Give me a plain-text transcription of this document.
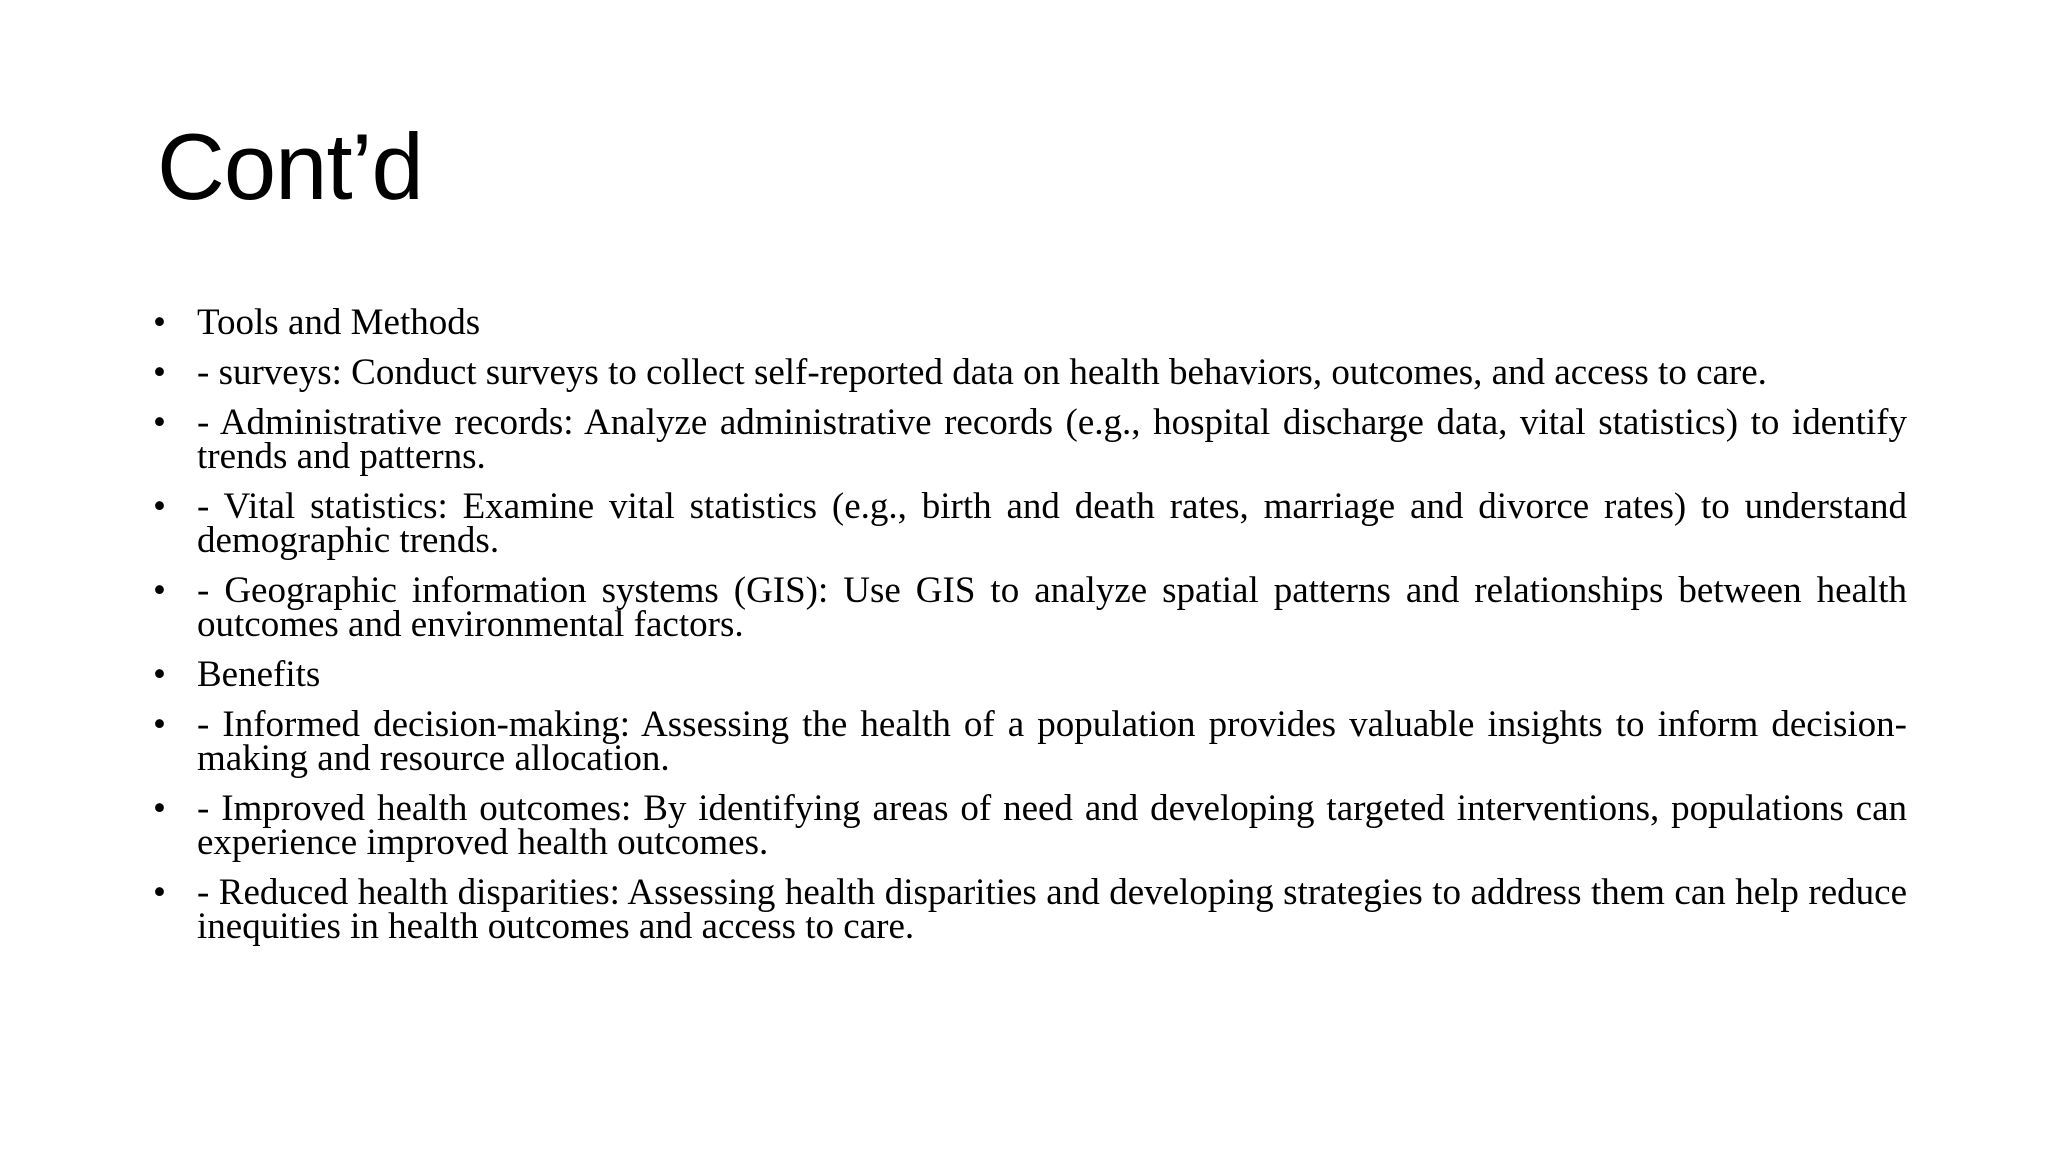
Cont’d
• Tools and Methods
• - surveys: Conduct surveys to collect self-reported data on health behaviors, outcomes, and access to care.
• - Administrative records: Analyze administrative records (e.g., hospital discharge data, vital statistics) to identify trends and patterns.
• - Vital statistics: Examine vital statistics (e.g., birth and death rates, marriage and divorce rates) to understand demographic trends.
• - Geographic information systems (GIS): Use GIS to analyze spatial patterns and relationships between health outcomes and environmental factors.
• Benefits
• - Informed decision-making: Assessing the health of a population provides valuable insights to inform decision-making and resource allocation.
• - Improved health outcomes: By identifying areas of need and developing targeted interventions, populations can experience improved health outcomes.
• - Reduced health disparities: Assessing health disparities and developing strategies to address them can help reduce inequities in health outcomes and access to care.
